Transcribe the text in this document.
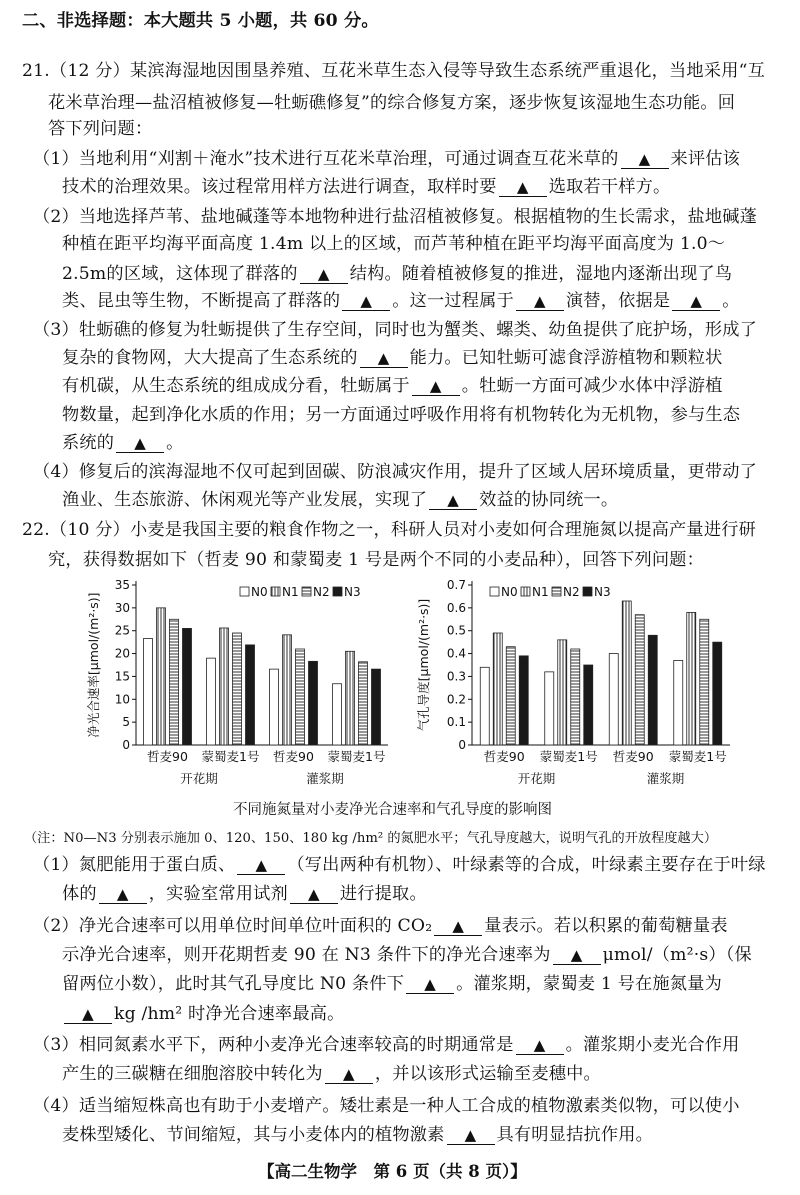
二、非选择题：本大题共 5 小题，共 60 分。
21.（12 分）某滨海湿地因围垦养殖、互花米草生态入侵等导致生态系统严重退化，当地采用“互
花米草治理—盐沼植被修复—牡蛎礁修复”的综合修复方案，逐步恢复该湿地生态功能。回
答下列问题：
（1）当地利用“刈割＋淹水”技术进行互花米草治理，可通过调查互花米草的 ▲ 来评估该
技术的治理效果。该过程常用样方法进行调查，取样时要 ▲ 选取若干样方。
（2）当地选择芦苇、盐地碱蓬等本地物种进行盐沼植被修复。根据植物的生长需求，盐地碱蓬
种植在距平均海平面高度 1.4m 以上的区域，而芦苇种植在距平均海平面高度为 1.0～
2.5m的区域，这体现了群落的 ▲ 结构。随着植被修复的推进，湿地内逐渐出现了鸟
类、昆虫等生物，不断提高了群落的 ▲ 。这一过程属于 ▲ 演替，依据是 ▲ 。
（3）牡蛎礁的修复为牡蛎提供了生存空间，同时也为蟹类、螺类、幼鱼提供了庇护场，形成了
复杂的食物网，大大提高了生态系统的 ▲ 能力。已知牡蛎可滤食浮游植物和颗粒状
有机碳，从生态系统的组成成分看，牡蛎属于 ▲ 。牡蛎一方面可减少水体中浮游植
物数量，起到净化水质的作用；另一方面通过呼吸作用将有机物转化为无机物，参与生态
系统的 ▲ 。
（4）修复后的滨海湿地不仅可起到固碳、防浪减灾作用，提升了区域人居环境质量，更带动了
渔业、生态旅游、休闲观光等产业发展，实现了 ▲ 效益的协同统一。
22.（10 分）小麦是我国主要的粮食作物之一，科研人员对小麦如何合理施氮以提高产量进行研
究，获得数据如下（哲麦 90 和蒙蜀麦 1 号是两个不同的小麦品种），回答下列问题：
0
5
10
15
20
25
30
35
净光合速率[μmol/(m²·s)]
哲麦90 蒙蜀麦1号 哲麦90 蒙蜀麦1号
开花期	灌浆期
N0 N1 N2 N3
0
0.1
0.2
0.3
0.4
0.5
0.6
0.7
气孔导度[μmol/(m²·s)]
哲麦90 蒙蜀麦1号 哲麦90 蒙蜀麦1号
开花期	灌浆期
N0 N1 N2 N3
不同施氮量对小麦净光合速率和气孔导度的影响图
（注：N0—N3 分别表示施加 0、120、150、180 kg /hm² 的氮肥水平；气孔导度越大，说明气孔的开放程度越大）
（1）氮肥能用于蛋白质、 ▲ （写出两种有机物）、叶绿素等的合成，叶绿素主要存在于叶绿
体的 ▲ ，实验室常用试剂 ▲ 进行提取。
（2）净光合速率可以用单位时间单位叶面积的 CO₂ ▲ 量表示。若以积累的葡萄糖量表
示净光合速率，则开花期哲麦 90 在 N3 条件下的净光合速率为 ▲ μmol/（m²·s）（保
留两位小数），此时其气孔导度比 N0 条件下 ▲ 。灌浆期，蒙蜀麦 1 号在施氮量为
▲ kg /hm² 时净光合速率最高。
（3）相同氮素水平下，两种小麦净光合速率较高的时期通常是 ▲ 。灌浆期小麦光合作用
产生的三碳糖在细胞溶胶中转化为 ▲ ，并以该形式运输至麦穗中。
（4）适当缩短株高也有助于小麦增产。矮壮素是一种人工合成的植物激素类似物，可以使小
麦株型矮化、节间缩短，其与小麦体内的植物激素 ▲ 具有明显拮抗作用。
【高二生物学　第 6 页（共 8 页）】
